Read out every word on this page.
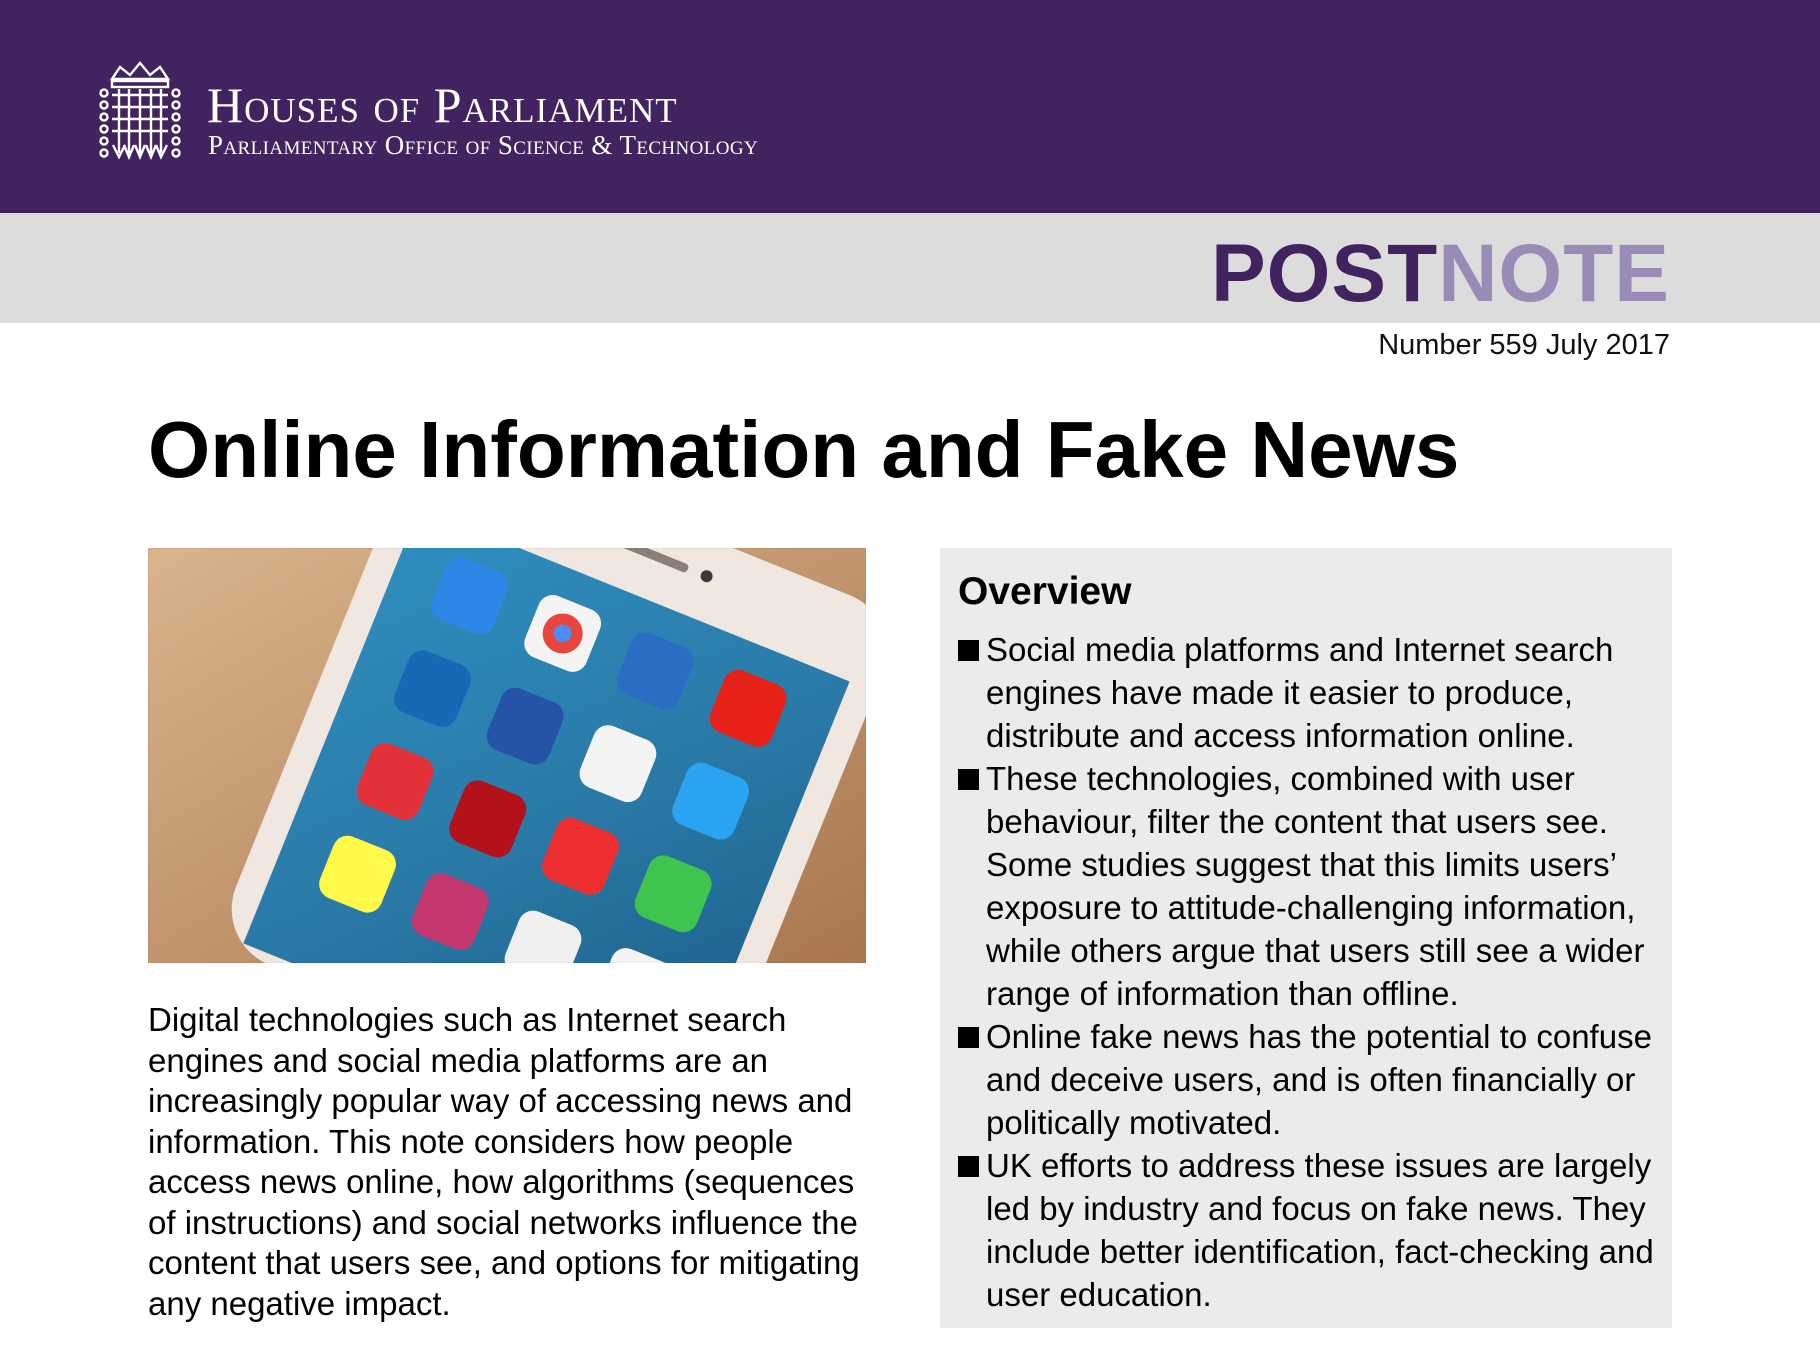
Houses of Parliament
Parliamentary Office of Science & Technology
POSTNOTE
Number 559 July 2017
Online Information and Fake News

Digital technologies such as Internet search engines and social media platforms are an increasingly popular way of accessing news and information. This note considers how people access news online, how algorithms (sequences of instructions) and social networks influence the content that users see, and options for mitigating any negative impact.

Overview
Social media platforms and Internet search engines have made it easier to produce, distribute and access information online.
These technologies, combined with user behaviour, filter the content that users see. Some studies suggest that this limits users’ exposure to attitude-challenging information, while others argue that users still see a wider range of information than offline.
Online fake news has the potential to confuse and deceive users, and is often financially or politically motivated.
UK efforts to address these issues are largely led by industry and focus on fake news. They include better identification, fact-checking and user education.
